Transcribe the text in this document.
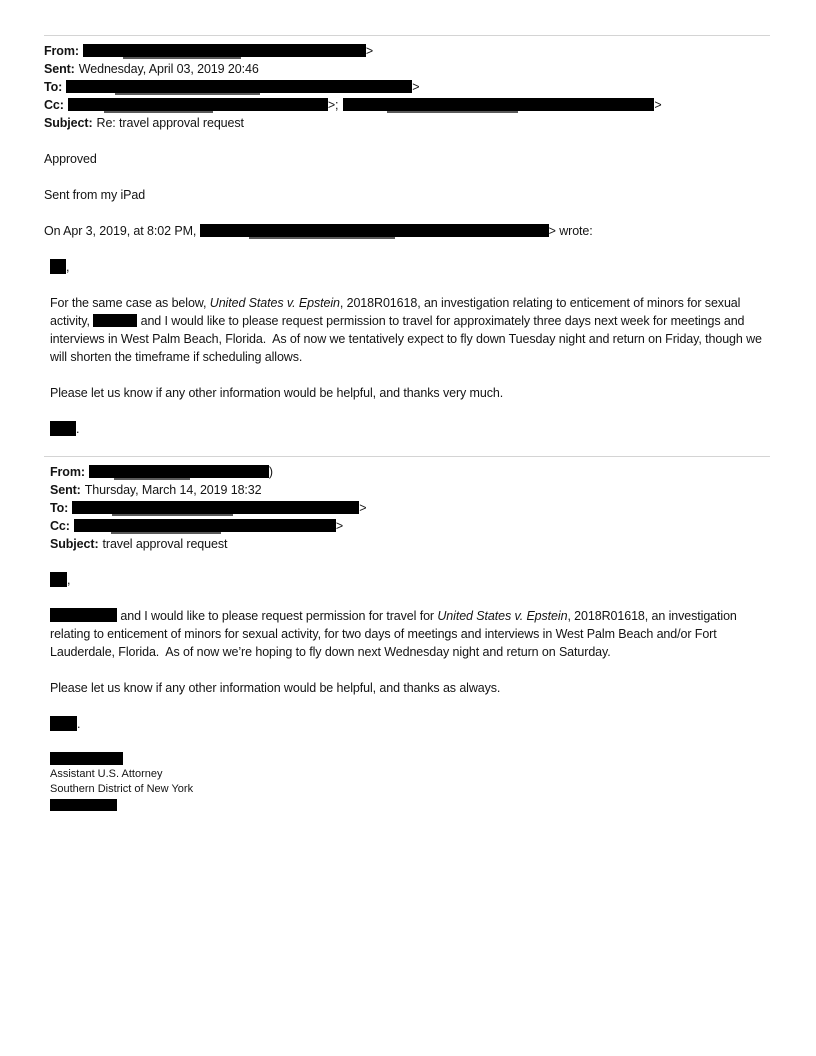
From:	>
Sent: Wednesday, April 03, 2019 20:46
To:	>
Cc:	>;	>
Subject: Re: travel approval request

Approved

Sent from my iPad

On Apr 3, 2019, at 8:02 PM,	> wrote:

,

For the same case as below, United States v. Epstein, 2018R01618, an investigation relating to enticement of minors for sexual activity,	and I would like to please request permission to travel for approximately three days next week for meetings and interviews in West Palm Beach, Florida.  As of now we tentatively expect to fly down Tuesday night and return on Friday, though we will shorten the timeframe if scheduling allows.

Please let us know if any other information would be helpful, and thanks very much.

.

From:	)
Sent: Thursday, March 14, 2019 18:32
To:	>
Cc:	>
Subject: travel approval request

,

and I would like to please request permission for travel for United States v. Epstein, 2018R01618, an investigation relating to enticement of minors for sexual activity, for two days of meetings and interviews in West Palm Beach and/or Fort Lauderdale, Florida.  As of now we’re hoping to fly down next Wednesday night and return on Saturday.

Please let us know if any other information would be helpful, and thanks as always.

.

Assistant U.S. Attorney
Southern District of New York
